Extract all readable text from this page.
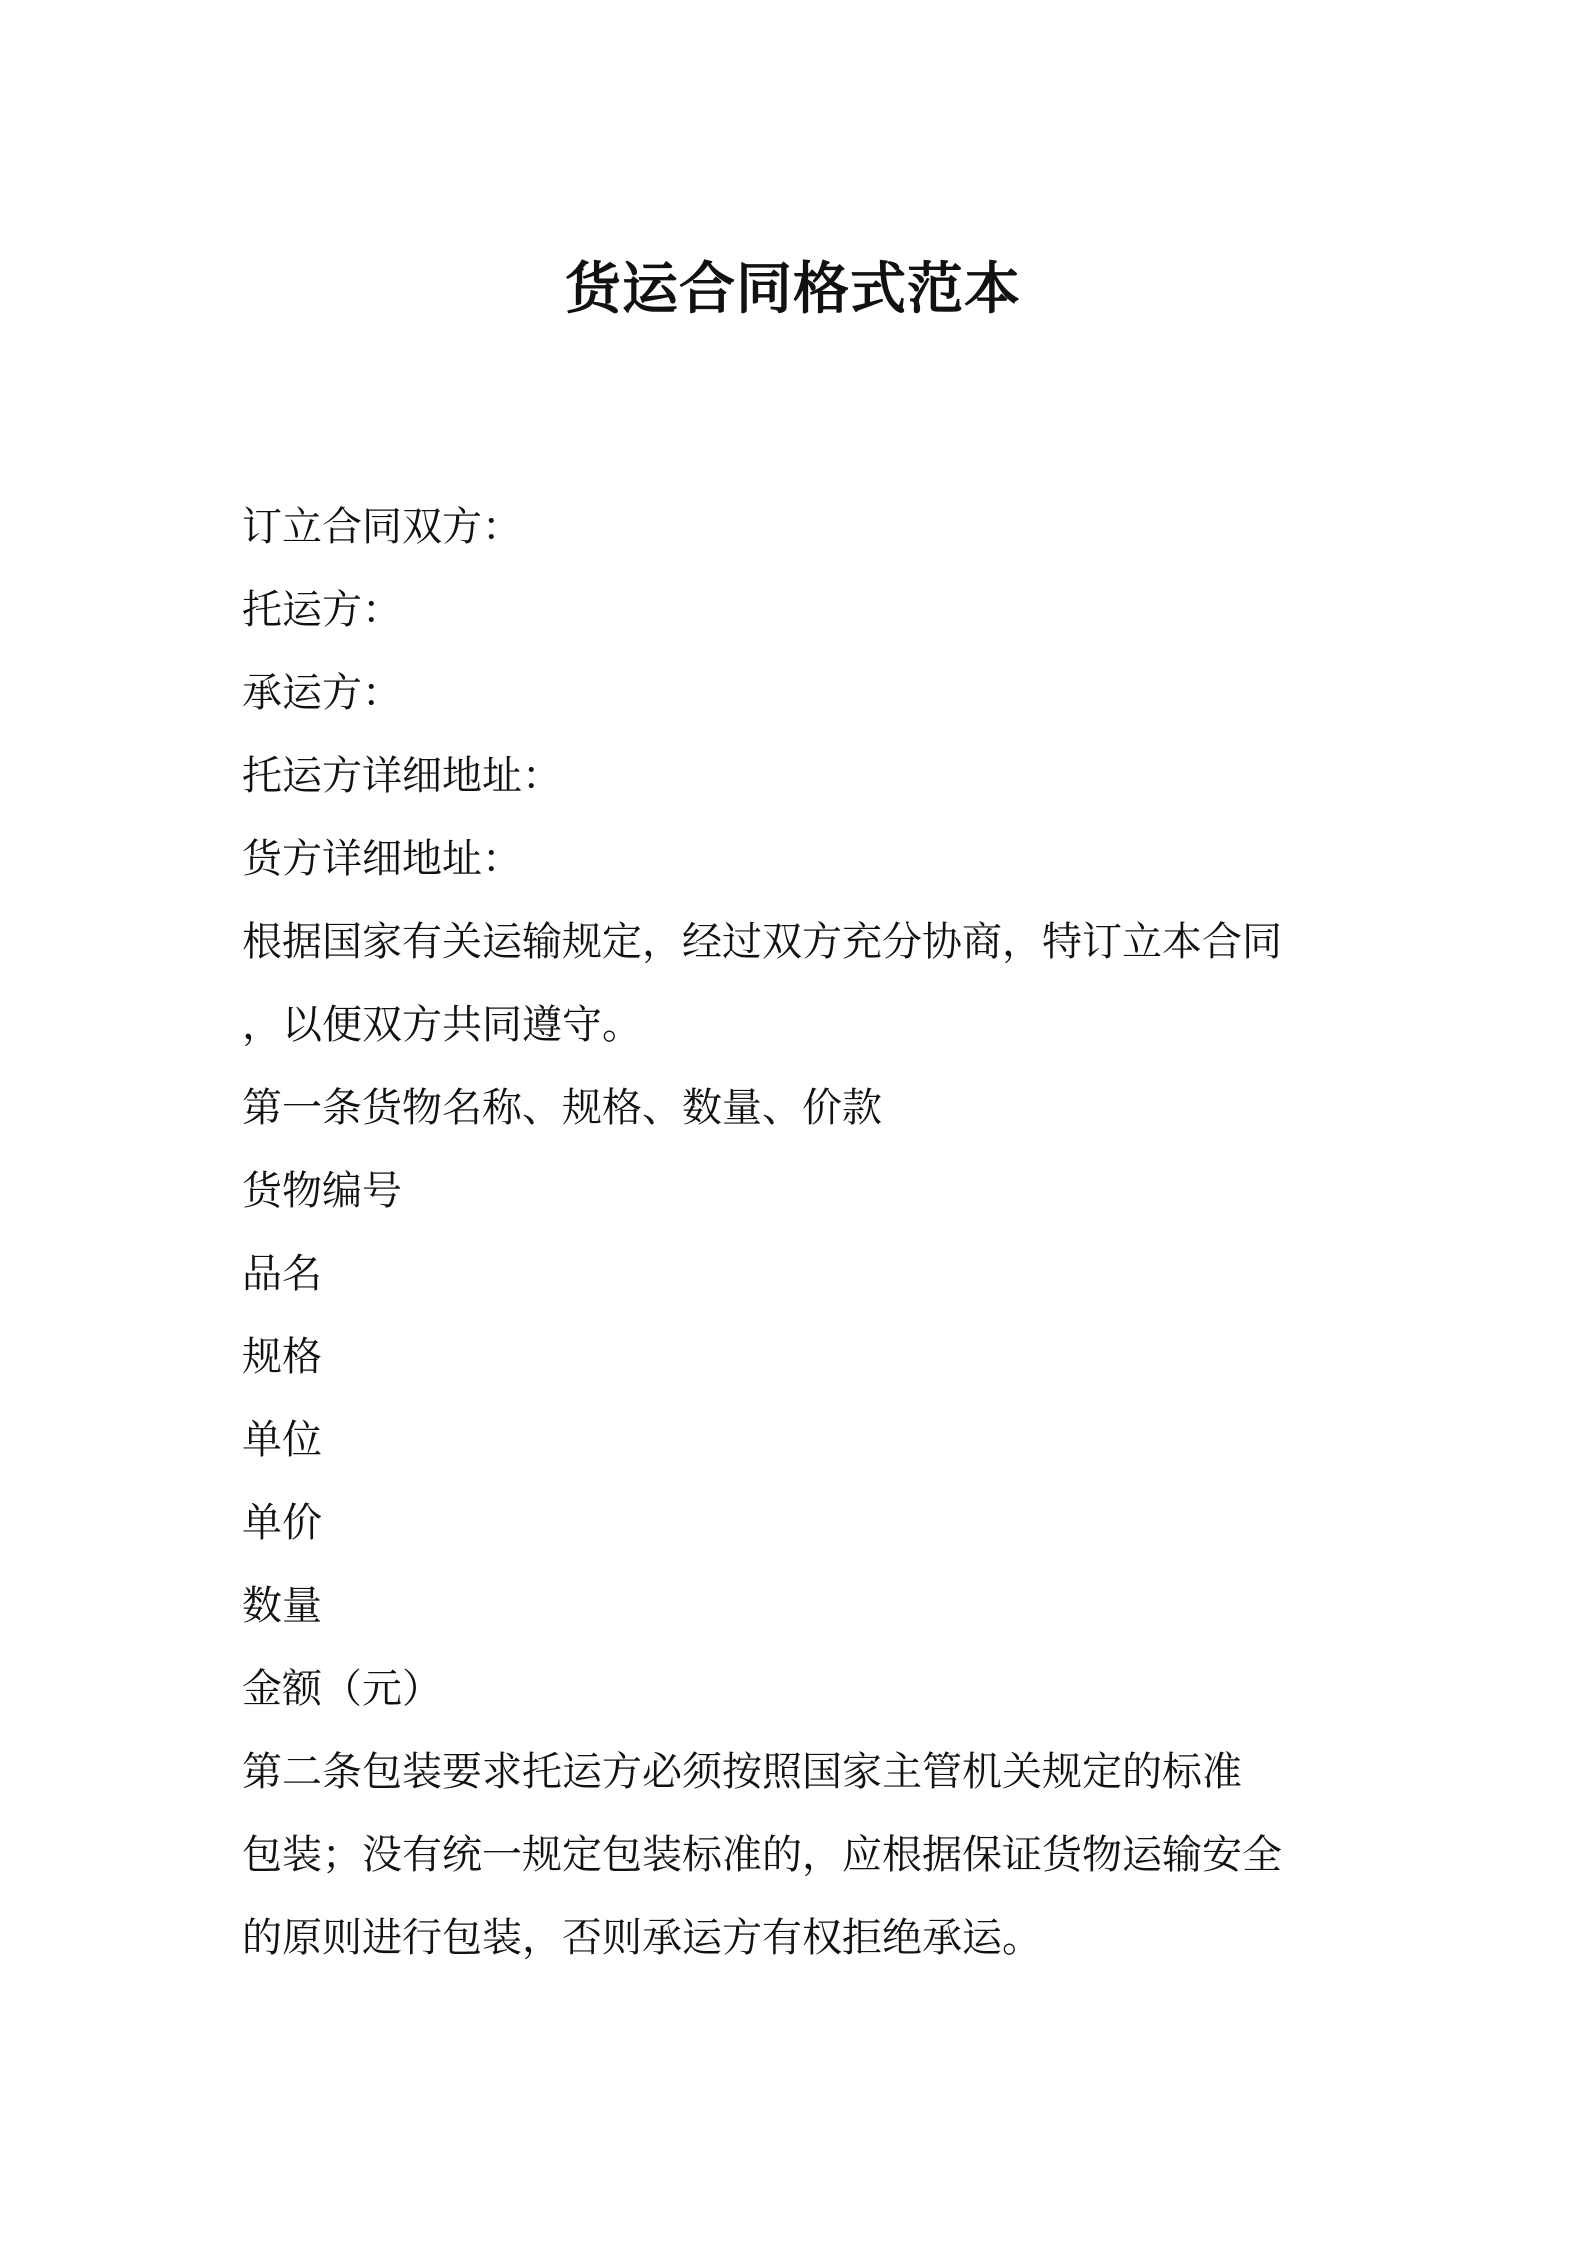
货运合同格式范本

订立合同双方：

托运方：

承运方：

托运方详细地址：

货方详细地址：

根据国家有关运输规定，经过双方充分协商，特订立本合同

，以便双方共同遵守。

第一条货物名称、规格、数量、价款

货物编号

品名

规格

单位

单价

数量

金额（元）

第二条包装要求托运方必须按照国家主管机关规定的标准

包装；没有统一规定包装标准的，应根据保证货物运输安全

的原则进行包装，否则承运方有权拒绝承运。
